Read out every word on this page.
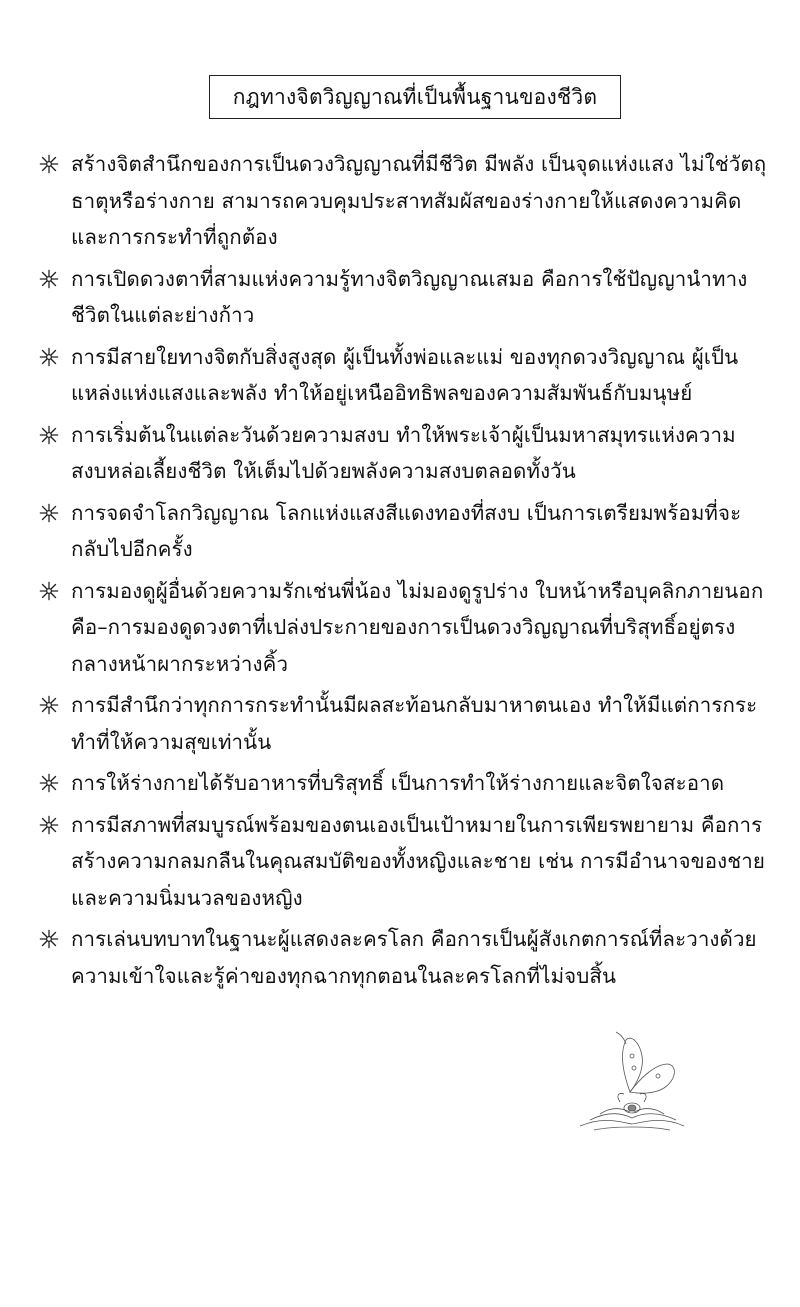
กฎทางจิตวิญญาณที่เป็นพื้นฐานของชีวิต
สร้างจิตสำนึกของการเป็นดวงวิญญาณที่มีชีวิต มีพลัง เป็นจุดแห่งแสง ไม่ใช่วัตถุธาตุหรือร่างกาย สามารถควบคุมประสาทสัมผัสของร่างกายให้แสดงความคิดและการกระทำที่ถูกต้อง
การเปิดดวงตาที่สามแห่งความรู้ทางจิตวิญญาณเสมอ คือการใช้ปัญญานำทางชีวิตในแต่ละย่างก้าว
การมีสายใยทางจิตกับสิ่งสูงสุด ผู้เป็นทั้งพ่อและแม่ ของทุกดวงวิญญาณ ผู้เป็นแหล่งแห่งแสงและพลัง ทำให้อยู่เหนืออิทธิพลของความสัมพันธ์กับมนุษย์
การเริ่มต้นในแต่ละวันด้วยความสงบ ทำให้พระเจ้าผู้เป็นมหาสมุทรแห่งความสงบหล่อเลี้ยงชีวิต ให้เต็มไปด้วยพลังความสงบตลอดทั้งวัน
การจดจำโลกวิญญาณ โลกแห่งแสงสีแดงทองที่สงบ เป็นการเตรียมพร้อมที่จะกลับไปอีกครั้ง
การมองดูผู้อื่นด้วยความรักเช่นพี่น้อง ไม่มองดูรูปร่าง ใบหน้าหรือบุคลิกภายนอก คือ–การมองดูดวงตาที่เปล่งประกายของการเป็นดวงวิญญาณที่บริสุทธิ์อยู่ตรง กลางหน้าผากระหว่างคิ้ว
การมีสำนึกว่าทุกการกระทำนั้นมีผลสะท้อนกลับมาหาตนเอง ทำให้มีแต่การกระทำที่ให้ความสุขเท่านั้น
การให้ร่างกายได้รับอาหารที่บริสุทธิ์ เป็นการทำให้ร่างกายและจิตใจสะอาด
การมีสภาพที่สมบูรณ์พร้อมของตนเองเป็นเป้าหมายในการเพียรพยายาม คือการสร้างความกลมกลืนในคุณสมบัติของทั้งหญิงและชาย เช่น การมีอำนาจของชายและความนิ่มนวลของหญิง
การเล่นบทบาทในฐานะผู้แสดงละครโลก คือการเป็นผู้สังเกตการณ์ที่ละวางด้วยความเข้าใจและรู้ค่าของทุกฉากทุกตอนในละครโลกที่ไม่จบสิ้น
